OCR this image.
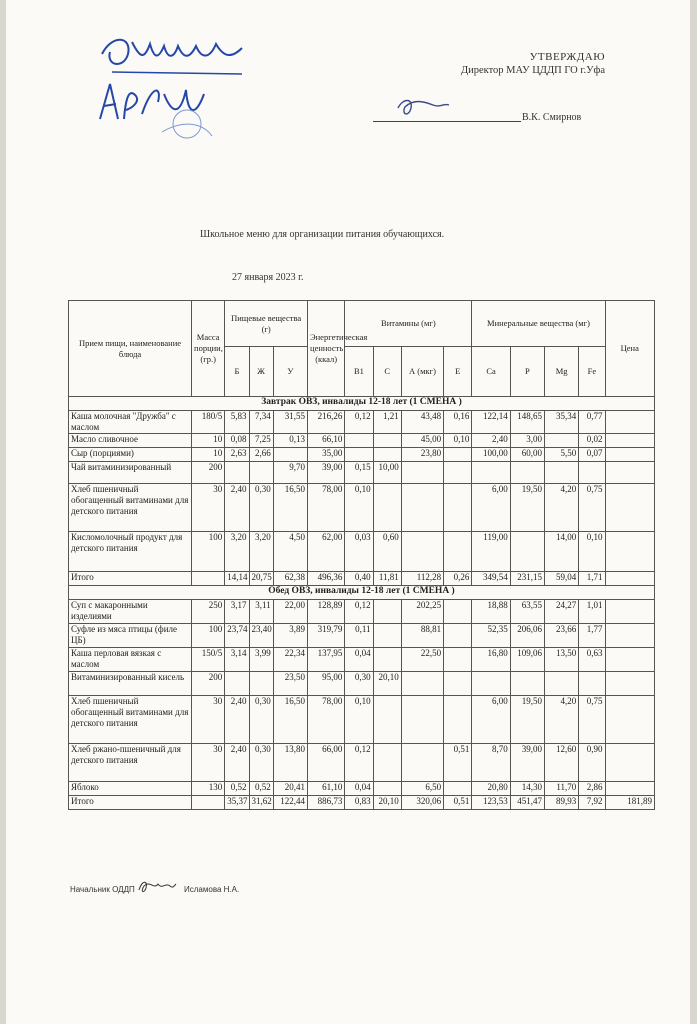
УТВЕРЖДАЮ
Директор МАУ ЦДДП ГО г.Уфа
В.К. Смирнов
Школьное меню для организации питания обучающихся.
27 января 2023 г.
Прием пищи, наименование блюда	Масса порции, (гр.)	Пищевые вещества (г)			Энергетическая ценность (ккал)	Витамины (мг)				Минеральные вещества (мг)				Цена
		Б	Ж	У		В1	С	А (мкг)	Е	Ca	P	Mg	Fe	
Завтрак ОВЗ, инвалиды 12-18 лет (1 СМЕНА )														
Каша молочная "Дружба" с маслом	180/5	5,83	7,34	31,55	216,26	0,12	1,21	43,48	0,16	122,14	148,65	35,34	0,77	
Масло сливочное	10	0,08	7,25	0,13	66,10			45,00	0,10	2,40	3,00		0,02	
Сыр (порциями)	10	2,63	2,66		35,00			23,80		100,00	60,00	5,50	0,07	
Чай витаминизированный	200			9,70	39,00	0,15	10,00							
Хлеб пшеничный обогащенный витаминами для детского питания	30	2,40	0,30	16,50	78,00	0,10				6,00	19,50	4,20	0,75	
Кисломолочный продукт для детского питания	100	3,20	3,20	4,50	62,00	0,03	0,60			119,00		14,00	0,10	
Итого		14,14	20,75	62,38	496,36	0,40	11,81	112,28	0,26	349,54	231,15	59,04	1,71	
Обед ОВЗ, инвалиды 12-18 лет (1 СМЕНА )														
Суп с макаронными изделиями	250	3,17	3,11	22,00	128,89	0,12		202,25		18,88	63,55	24,27	1,01	
Суфле из мяса птицы (филе ЦБ)	100	23,74	23,40	3,89	319,79	0,11		88,81		52,35	206,06	23,66	1,77	
Каша перловая вязкая с маслом	150/5	3,14	3,99	22,34	137,95	0,04		22,50		16,80	109,06	13,50	0,63	
Витаминизированный кисель	200			23,50	95,00	0,30	20,10							
Хлеб пшеничный обогащенный витаминами для детского питания	30	2,40	0,30	16,50	78,00	0,10				6,00	19,50	4,20	0,75	
Хлеб ржано-пшеничный для детского питания	30	2,40	0,30	13,80	66,00	0,12			0,51	8,70	39,00	12,60	0,90	
Яблоко	130	0,52	0,52	20,41	61,10	0,04		6,50		20,80	14,30	11,70	2,86	
Итого		35,37	31,62	122,44	886,73	0,83	20,10	320,06	0,51	123,53	451,47	89,93	7,92	181,89
Начальник ОДДП	Исламова Н.А.
